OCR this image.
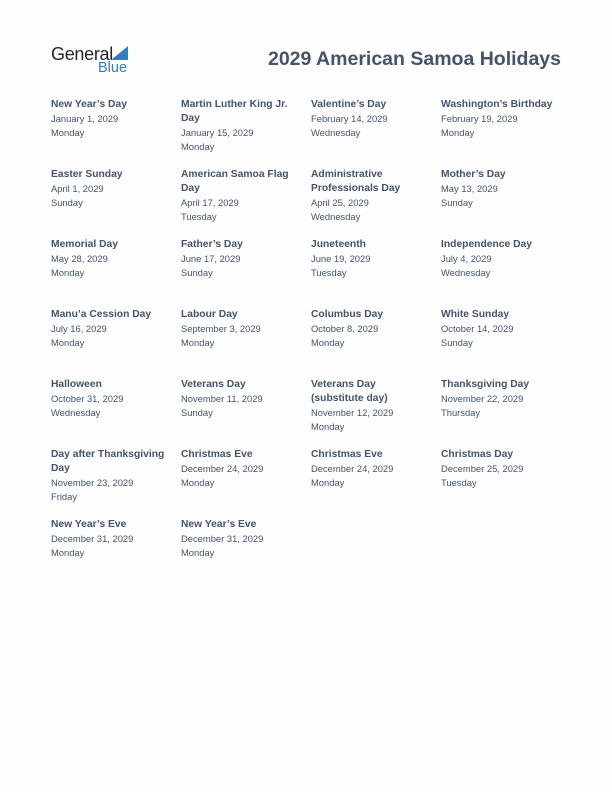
General
Blue	2029 American Samoa Holidays
New Year’s Day
January 1, 2029
Monday
Martin Luther King Jr. Day
January 15, 2029
Monday
Valentine’s Day
February 14, 2029
Wednesday
Washington’s Birthday
February 19, 2029
Monday
Easter Sunday
April 1, 2029
Sunday
American Samoa Flag Day
April 17, 2029
Tuesday
Administrative Professionals Day
April 25, 2029
Wednesday
Mother’s Day
May 13, 2029
Sunday
Memorial Day
May 28, 2029
Monday
Father’s Day
June 17, 2029
Sunday
Juneteenth
June 19, 2029
Tuesday
Independence Day
July 4, 2029
Wednesday
Manu’a Cession Day
July 16, 2029
Monday
Labour Day
September 3, 2029
Monday
Columbus Day
October 8, 2029
Monday
White Sunday
October 14, 2029
Sunday
Halloween
October 31, 2029
Wednesday
Veterans Day
November 11, 2029
Sunday
Veterans Day (substitute day)
November 12, 2029
Monday
Thanksgiving Day
November 22, 2029
Thursday
Day after Thanksgiving Day
November 23, 2029
Friday
Christmas Eve
December 24, 2029
Monday
Christmas Eve
December 24, 2029
Monday
Christmas Day
December 25, 2029
Tuesday
New Year’s Eve
December 31, 2029
Monday
New Year’s Eve
December 31, 2029
Monday
